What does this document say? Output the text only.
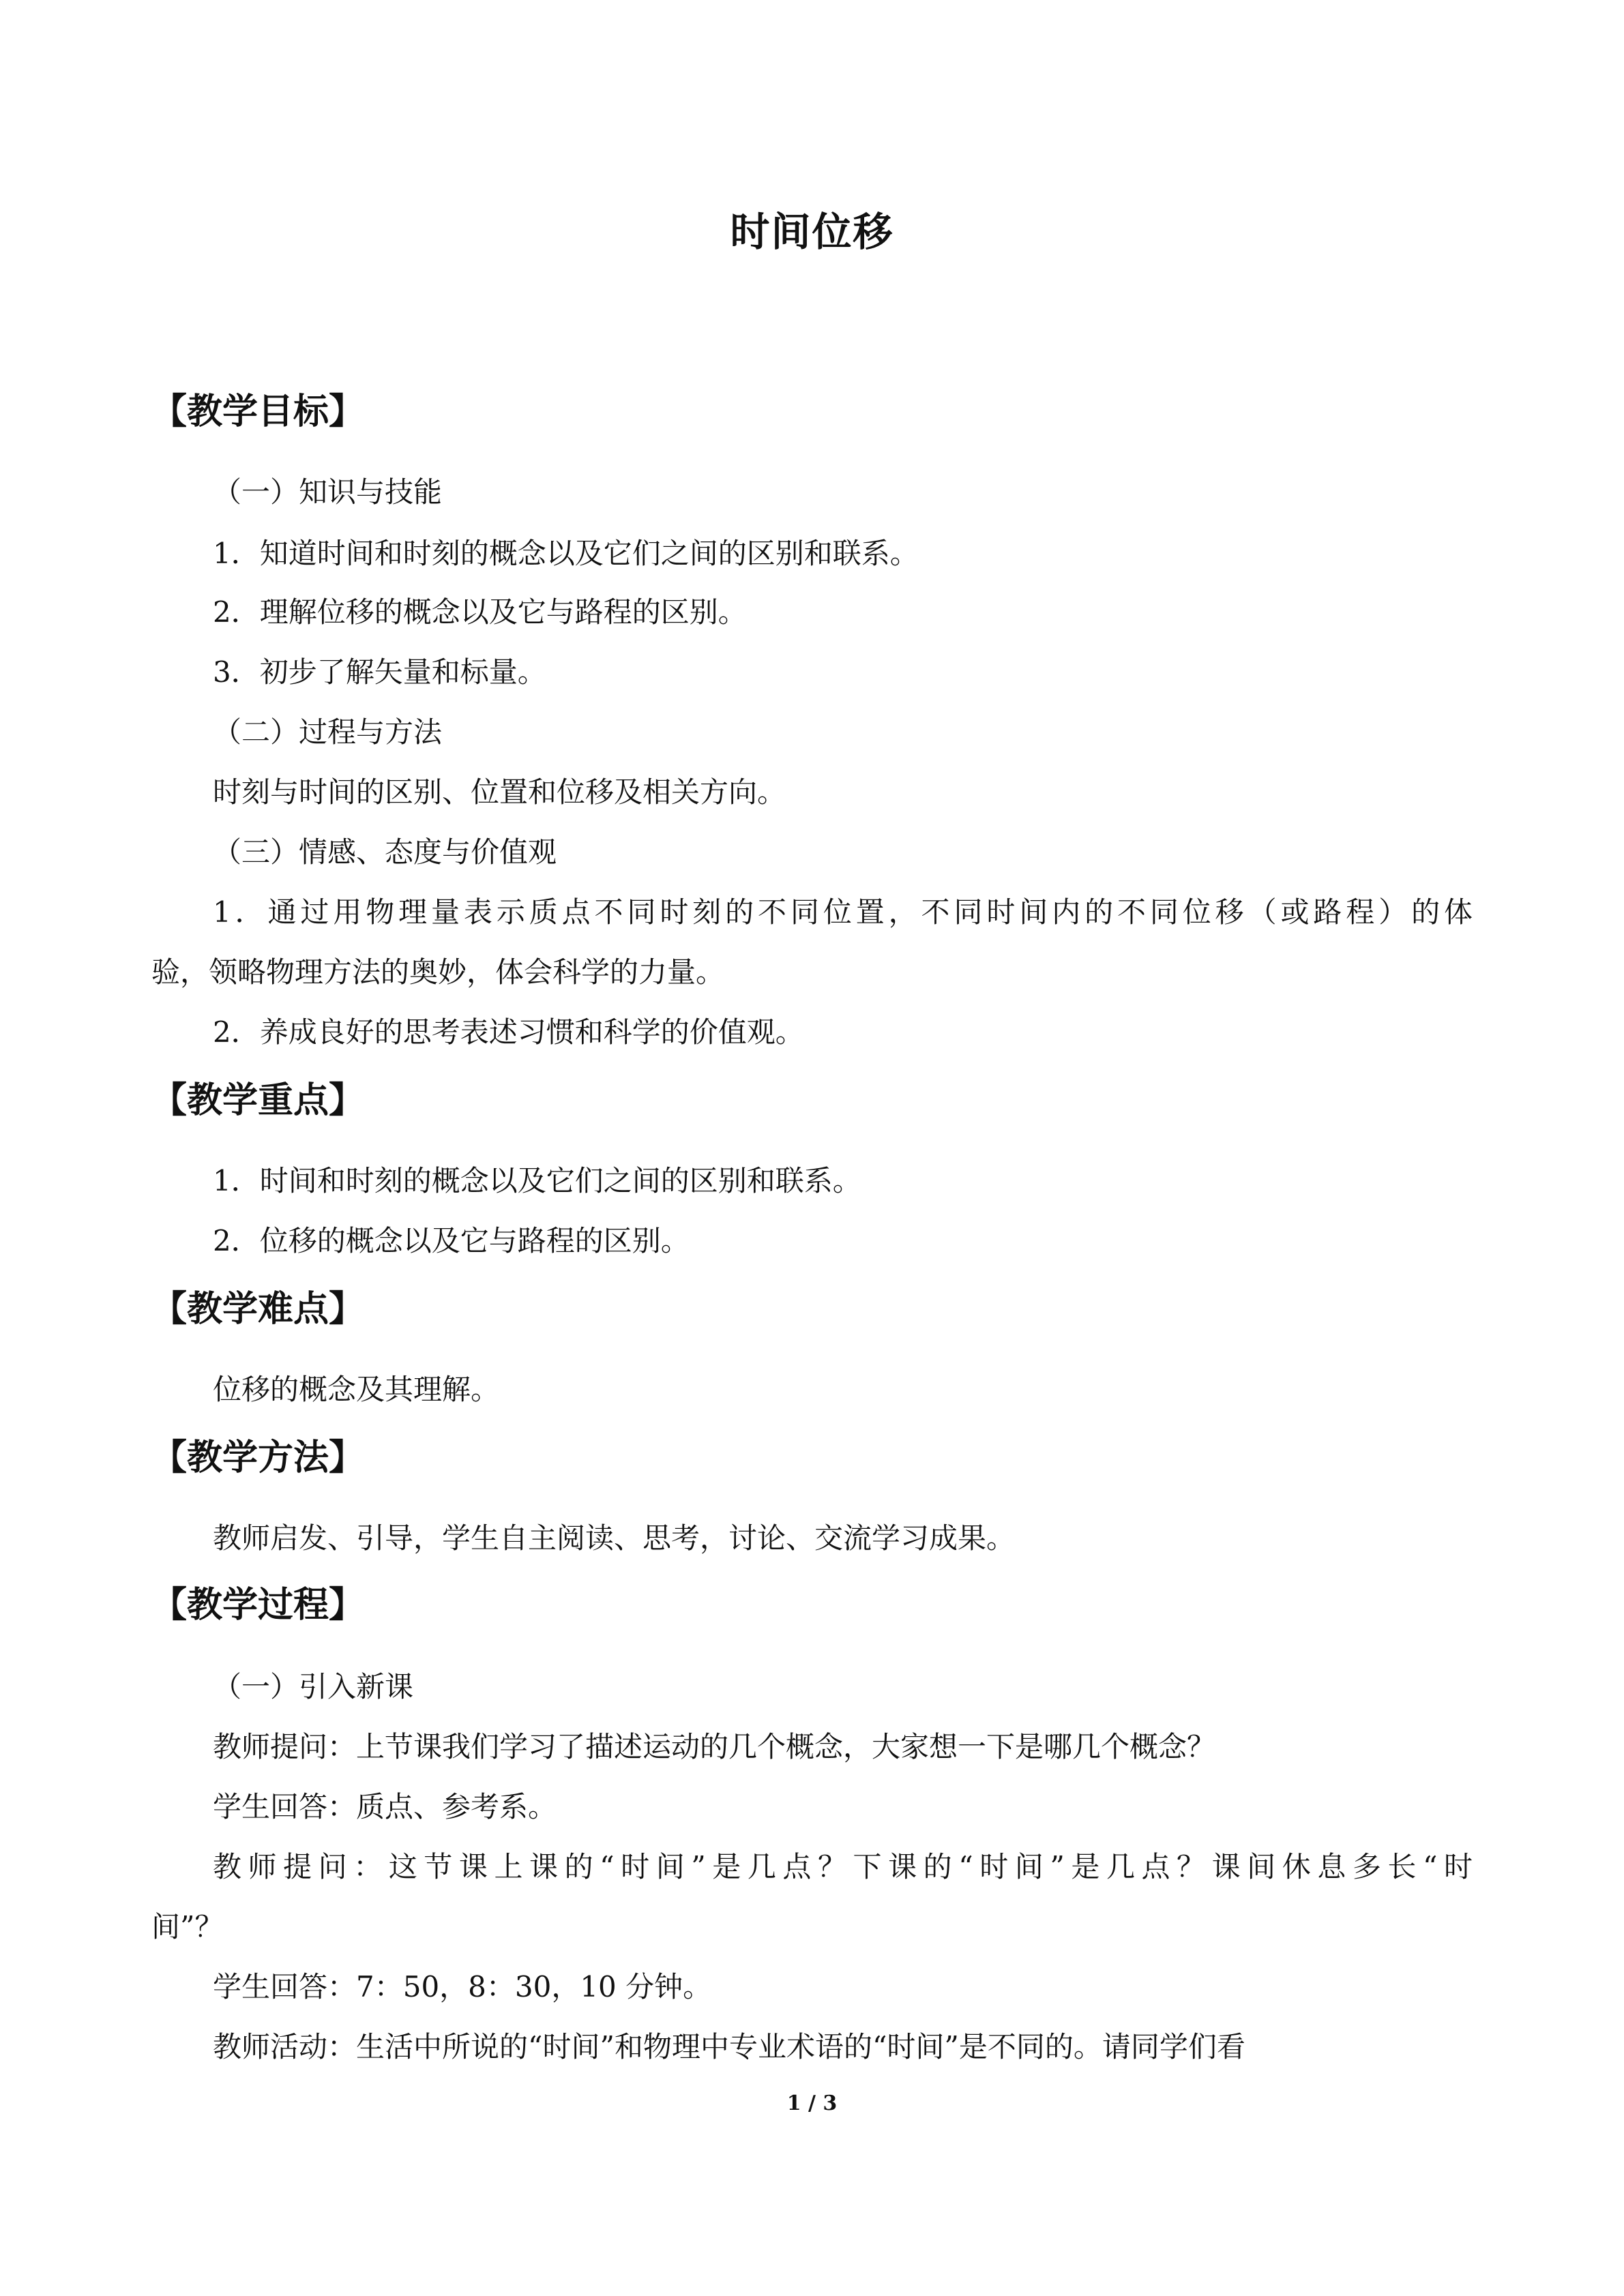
时间位移
【教学目标】
（一）知识与技能
1．知道时间和时刻的概念以及它们之间的区别和联系。
2．理解位移的概念以及它与路程的区别。
3．初步了解矢量和标量。
（二）过程与方法
时刻与时间的区别、位置和位移及相关方向。
（三）情感、态度与价值观
1．通过用物理量表示质点不同时刻的不同位置，不同时间内的不同位移（或路程）的体
验，领略物理方法的奥妙，体会科学的力量。
2．养成良好的思考表述习惯和科学的价值观。
【教学重点】
1．时间和时刻的概念以及它们之间的区别和联系。
2．位移的概念以及它与路程的区别。
【教学难点】
位移的概念及其理解。
【教学方法】
教师启发、引导，学生自主阅读、思考，讨论、交流学习成果。
【教学过程】
（一）引入新课
教师提问：上节课我们学习了描述运动的几个概念，大家想一下是哪几个概念？
学生回答：质点、参考系。
教师提问：这节课上课的“时间”是几点？下课的“时间”是几点？课间休息多长“时
间”？
学生回答：7：50，8：30，10 分钟。
教师活动：生活中所说的“时间”和物理中专业术语的“时间”是不同的。请同学们看
1 / 3
